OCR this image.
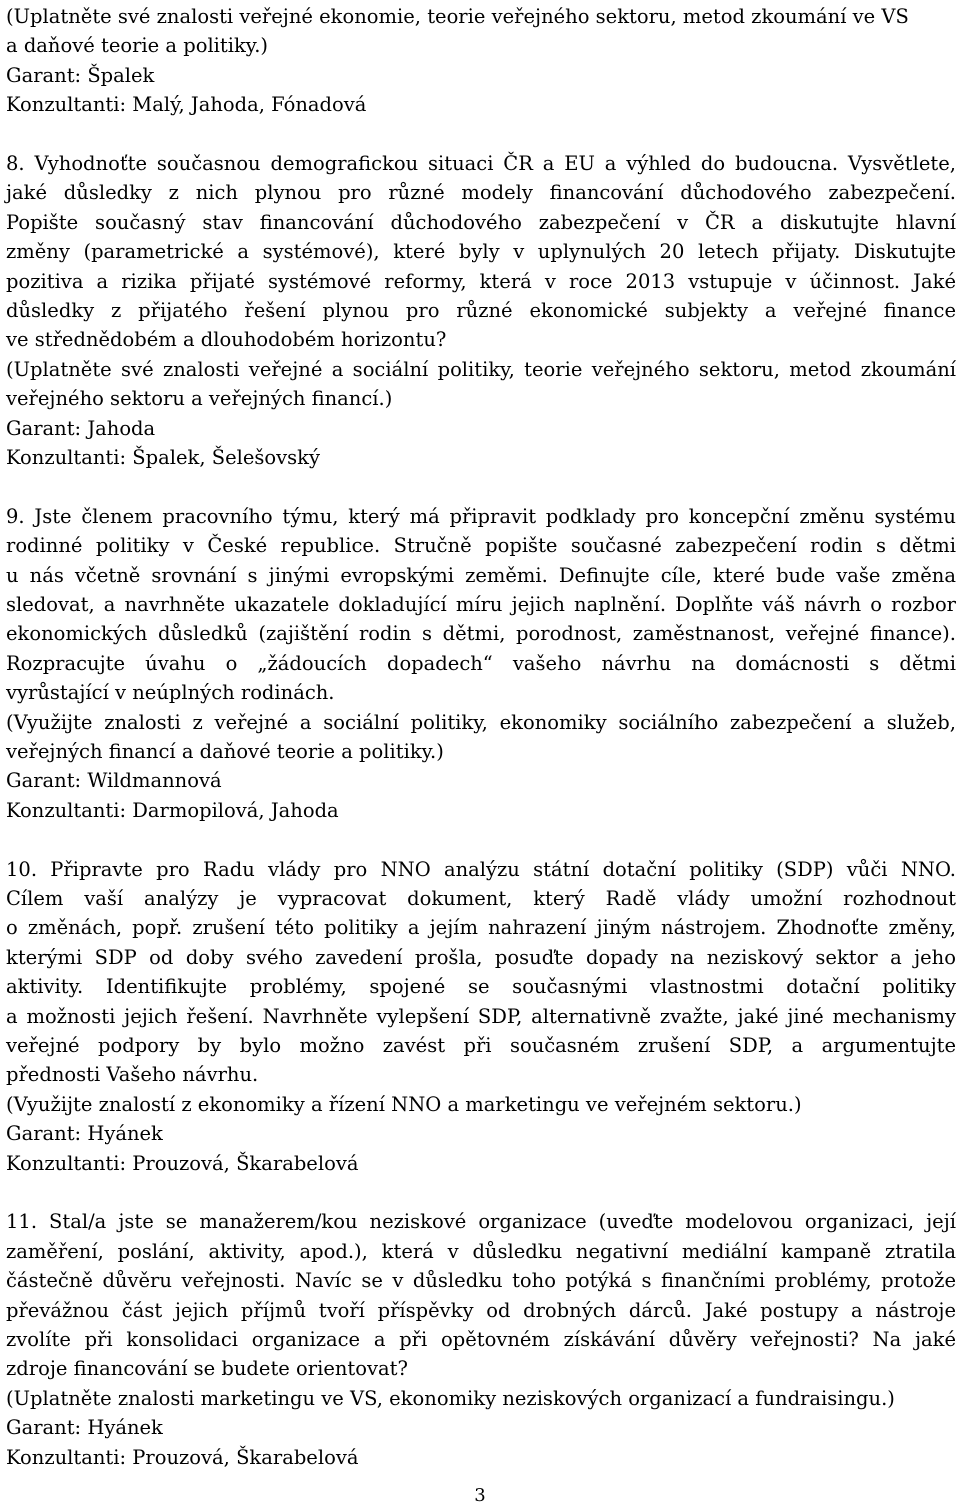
(Uplatněte své znalosti veřejné ekonomie, teorie veřejného sektoru, metod zkoumání ve VS
a daňové teorie a politiky.)
Garant: Špalek
Konzultanti: Malý, Jahoda, Fónadová
8. Vyhodnoťte současnou demografickou situaci ČR a EU a výhled do budoucna. Vysvětlete,
jaké důsledky z nich plynou pro různé modely financování důchodového zabezpečení.
Popište současný stav financování důchodového zabezpečení v ČR a diskutujte hlavní
změny (parametrické a systémové), které byly v uplynulých 20 letech přijaty. Diskutujte
pozitiva a rizika přijaté systémové reformy, která v roce 2013 vstupuje v účinnost. Jaké
důsledky z přijatého řešení plynou pro různé ekonomické subjekty a veřejné finance
ve střednědobém a dlouhodobém horizontu?
(Uplatněte své znalosti veřejné a sociální politiky, teorie veřejného sektoru, metod zkoumání
veřejného sektoru a veřejných financí.)
Garant: Jahoda
Konzultanti: Špalek, Šelešovský
9. Jste členem pracovního týmu, který má připravit podklady pro koncepční změnu systému
rodinné politiky v České republice. Stručně popište současné zabezpečení rodin s dětmi
u nás včetně srovnání s jinými evropskými zeměmi. Definujte cíle, které bude vaše změna
sledovat, a navrhněte ukazatele dokladující míru jejich naplnění. Doplňte váš návrh o rozbor
ekonomických důsledků (zajištění rodin s dětmi, porodnost, zaměstnanost, veřejné finance).
Rozpracujte úvahu o „žádoucích dopadech“ vašeho návrhu na domácnosti s dětmi
vyrůstající v neúplných rodinách.
(Využijte znalosti z veřejné a sociální politiky, ekonomiky sociálního zabezpečení a služeb,
veřejných financí a daňové teorie a politiky.)
Garant: Wildmannová
Konzultanti: Darmopilová, Jahoda
10. Připravte pro Radu vlády pro NNO analýzu státní dotační politiky (SDP) vůči NNO.
Cílem vaší analýzy je vypracovat dokument, který Radě vlády umožní rozhodnout
o změnách, popř. zrušení této politiky a jejím nahrazení jiným nástrojem. Zhodnoťte změny,
kterými SDP od doby svého zavedení prošla, posuďte dopady na neziskový sektor a jeho
aktivity. Identifikujte problémy, spojené se současnými vlastnostmi dotační politiky
a možnosti jejich řešení. Navrhněte vylepšení SDP, alternativně zvažte, jaké jiné mechanismy
veřejné podpory by bylo možno zavést při současném zrušení SDP, a argumentujte
přednosti Vašeho návrhu.
(Využijte znalostí z ekonomiky a řízení NNO a marketingu ve veřejném sektoru.)
Garant: Hyánek
Konzultanti: Prouzová, Škarabelová
11. Stal/a jste se manažerem/kou neziskové organizace (uveďte modelovou organizaci, její
zaměření, poslání, aktivity, apod.), která v důsledku negativní mediální kampaně ztratila
částečně důvěru veřejnosti. Navíc se v důsledku toho potýká s finančními problémy, protože
převážnou část jejich příjmů tvoří příspěvky od drobných dárců. Jaké postupy a nástroje
zvolíte při konsolidaci organizace a při opětovném získávání důvěry veřejnosti? Na jaké
zdroje financování se budete orientovat?
(Uplatněte znalosti marketingu ve VS, ekonomiky neziskových organizací a fundraisingu.)
Garant: Hyánek
Konzultanti: Prouzová, Škarabelová
3
